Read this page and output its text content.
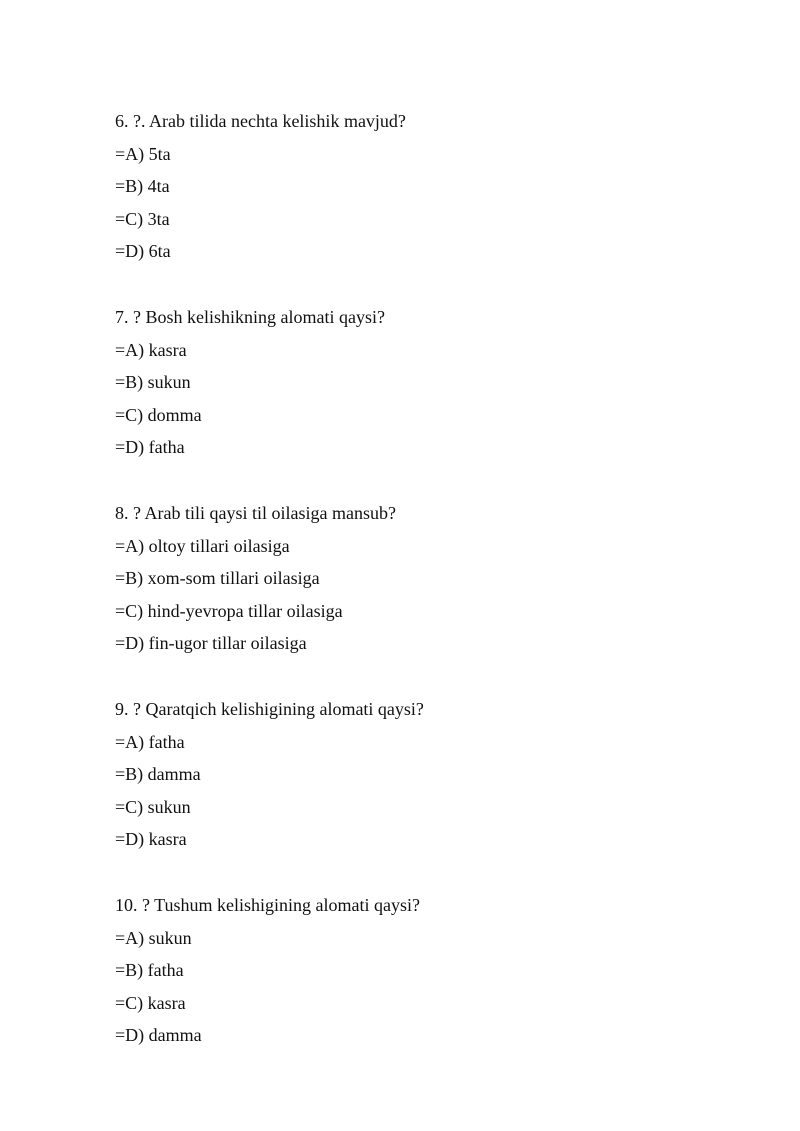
6. ?. Arab tilida nechta kelishik mavjud?
=A) 5ta
=B) 4ta
=C) 3ta
=D) 6ta
7. ? Bosh kelishikning alomati qaysi?
=A) kasra
=B) sukun
=C) domma
=D) fatha
8. ? Arab tili qaysi til oilasiga mansub?
=A) oltoy tillari oilasiga
=B) xom-som tillari oilasiga
=C) hind-yevropa tillar oilasiga
=D) fin-ugor tillar oilasiga
9. ? Qaratqich kelishigining alomati qaysi?
=A) fatha
=B) damma
=C) sukun
=D) kasra
10. ? Tushum kelishigining alomati qaysi?
=A) sukun
=B) fatha
=C) kasra
=D) damma
